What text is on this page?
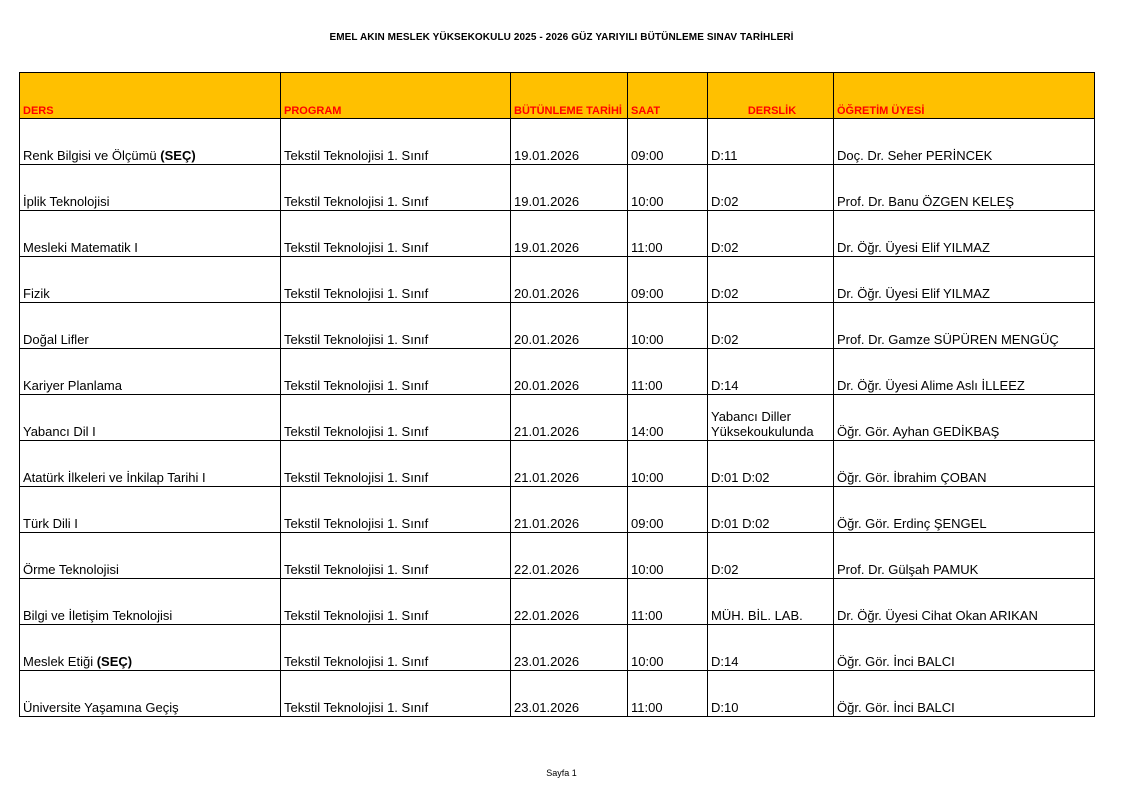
EMEL AKIN MESLEK YÜKSEKOKULU 2025 - 2026 GÜZ YARIYILI BÜTÜNLEME SINAV TARİHLERİ
DERS	PROGRAM	BÜTÜNLEME TARİHİ	SAAT	DERSLİK	ÖĞRETİM ÜYESİ
Renk Bilgisi ve Ölçümü (SEÇ)	Tekstil Teknolojisi 1. Sınıf	19.01.2026	09:00	D:11	Doç. Dr. Seher PERİNCEK
İplik Teknolojisi	Tekstil Teknolojisi 1. Sınıf	19.01.2026	10:00	D:02	Prof. Dr. Banu ÖZGEN KELEŞ
Mesleki Matematik I	Tekstil Teknolojisi 1. Sınıf	19.01.2026	11:00	D:02	Dr. Öğr. Üyesi Elif YILMAZ
Fizik	Tekstil Teknolojisi 1. Sınıf	20.01.2026	09:00	D:02	Dr. Öğr. Üyesi Elif YILMAZ
Doğal Lifler	Tekstil Teknolojisi 1. Sınıf	20.01.2026	10:00	D:02	Prof. Dr. Gamze SÜPÜREN MENGÜÇ
Kariyer Planlama	Tekstil Teknolojisi 1. Sınıf	20.01.2026	11:00	D:14	Dr. Öğr. Üyesi Alime Aslı İLLEEZ
Yabancı Dil I	Tekstil Teknolojisi 1. Sınıf	21.01.2026	14:00	Yabancı Diller Yüksekoukulunda	Öğr. Gör. Ayhan GEDİKBAŞ
Atatürk İlkeleri ve İnkilap Tarihi I	Tekstil Teknolojisi 1. Sınıf	21.01.2026	10:00	D:01 D:02	Öğr. Gör. İbrahim ÇOBAN
Türk Dili I	Tekstil Teknolojisi 1. Sınıf	21.01.2026	09:00	D:01 D:02	Öğr. Gör. Erdinç ŞENGEL
Örme Teknolojisi	Tekstil Teknolojisi 1. Sınıf	22.01.2026	10:00	D:02	Prof. Dr. Gülşah PAMUK
Bilgi ve İletişim Teknolojisi	Tekstil Teknolojisi 1. Sınıf	22.01.2026	11:00	MÜH. BİL. LAB.	Dr. Öğr. Üyesi Cihat Okan ARIKAN
Meslek Etiği (SEÇ)	Tekstil Teknolojisi 1. Sınıf	23.01.2026	10:00	D:14	Öğr. Gör. İnci BALCI
Üniversite Yaşamına Geçiş	Tekstil Teknolojisi 1. Sınıf	23.01.2026	11:00	D:10	Öğr. Gör. İnci BALCI
Sayfa 1
